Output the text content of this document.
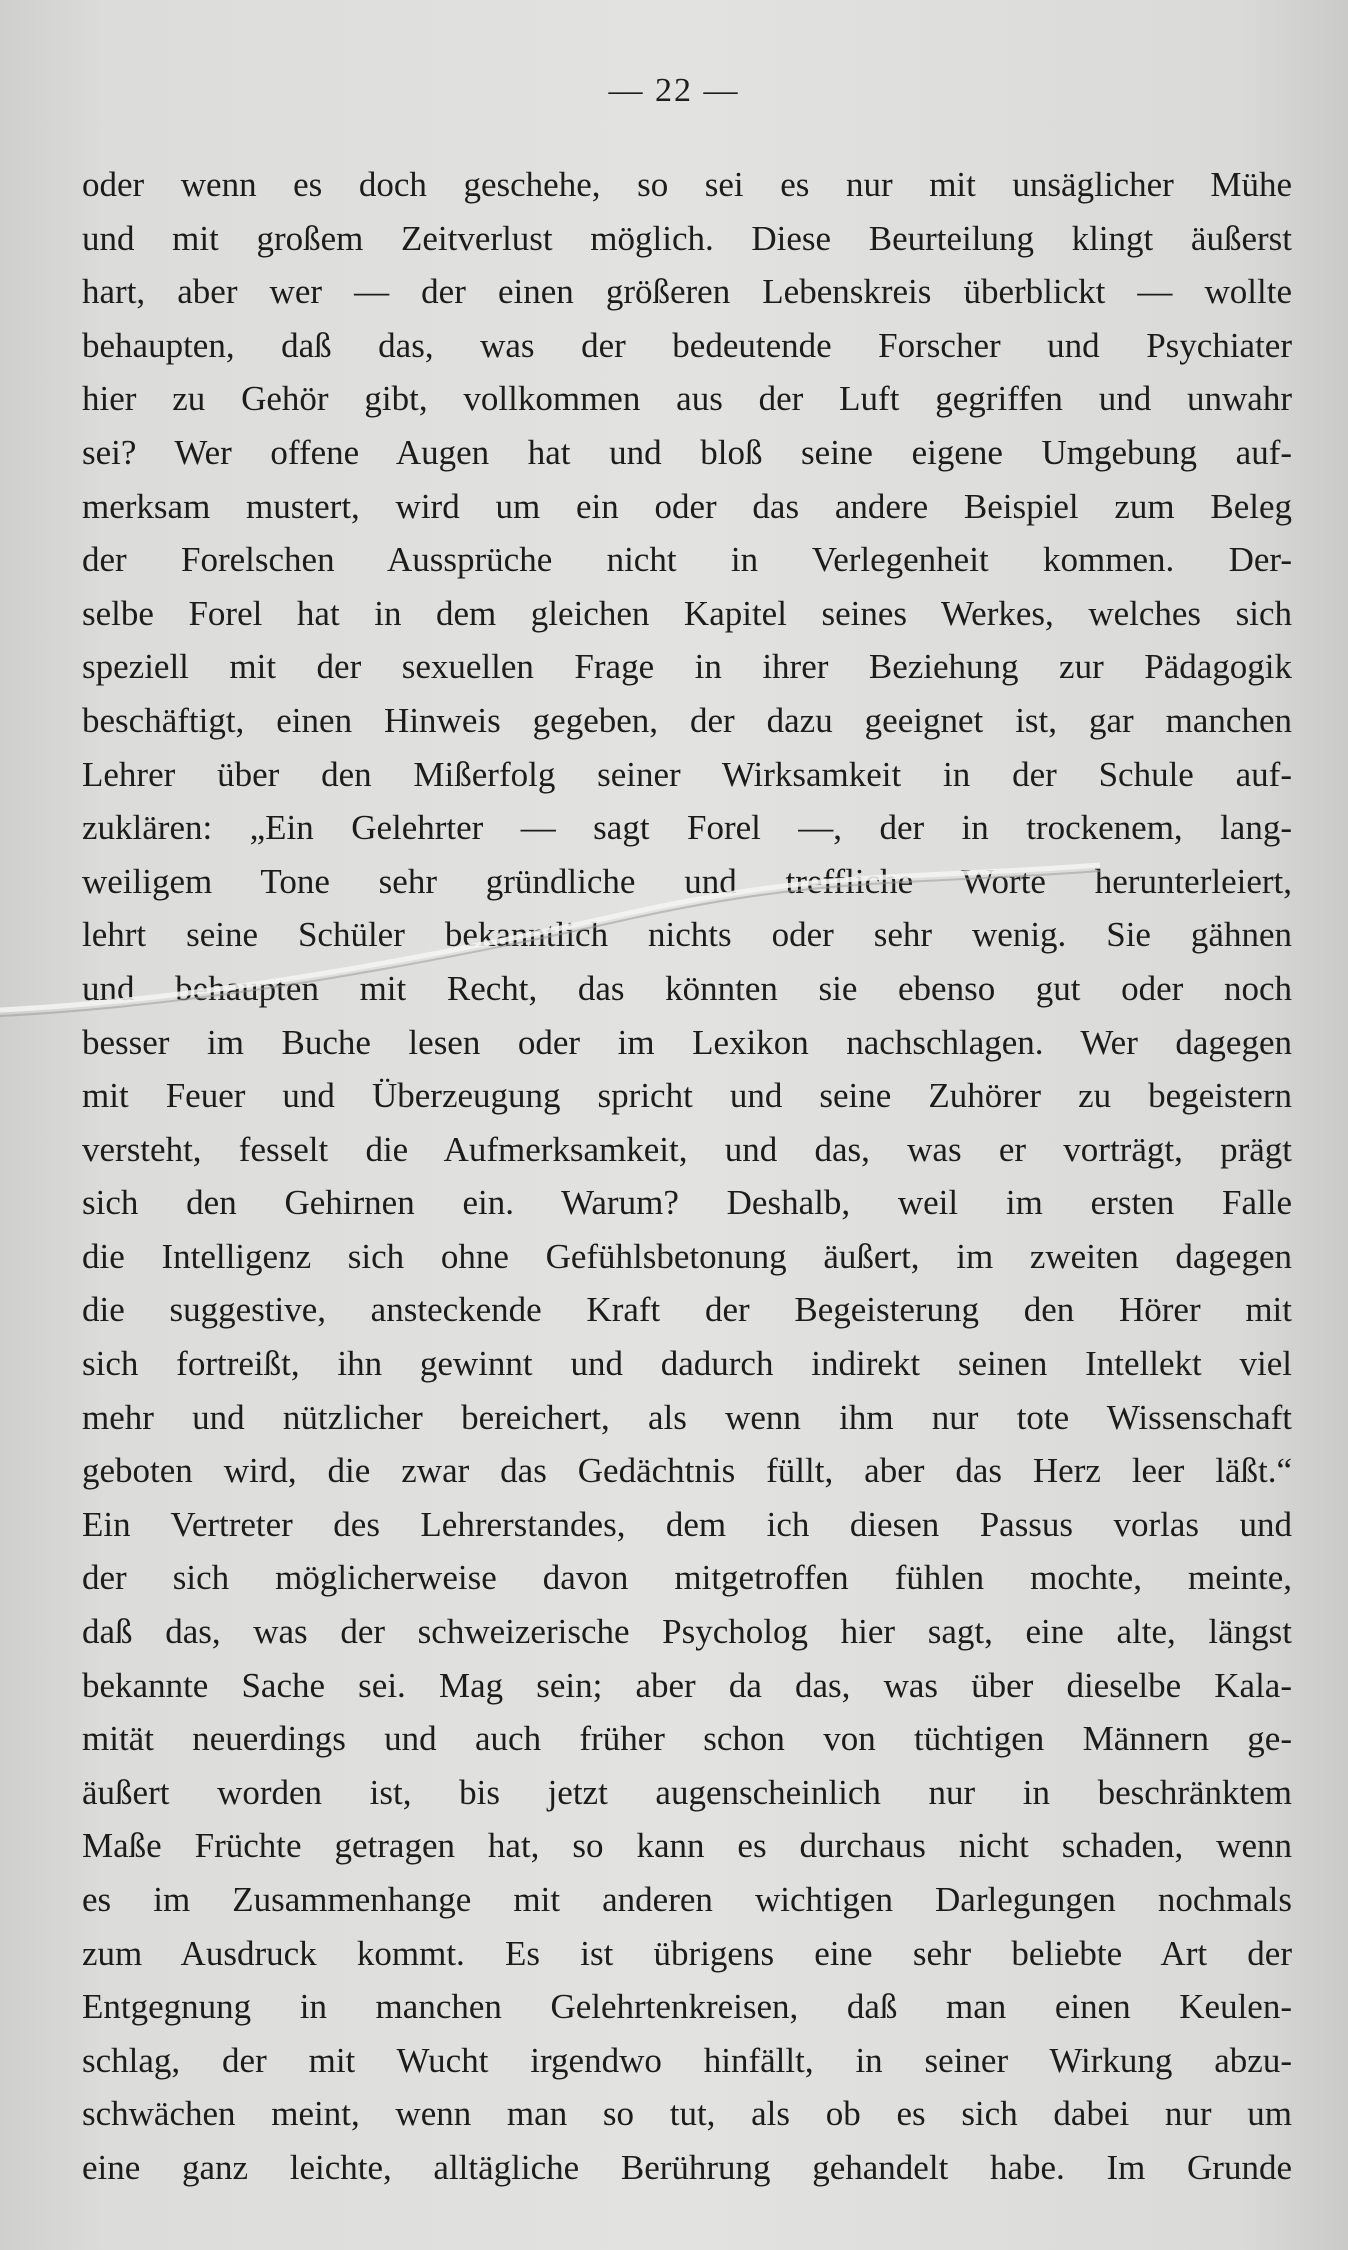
— 22 —
oder wenn es doch geschehe, so sei es nur mit unsäglicher Mühe
und mit großem Zeitverlust möglich. Diese Beurteilung klingt äußerst
hart, aber wer — der einen größeren Lebenskreis überblickt — wollte
behaupten, daß das, was der bedeutende Forscher und Psychiater
hier zu Gehör gibt, vollkommen aus der Luft gegriffen und unwahr
sei? Wer offene Augen hat und bloß seine eigene Umgebung auf-
merksam mustert, wird um ein oder das andere Beispiel zum Beleg
der Forelschen Aussprüche nicht in Verlegenheit kommen. Der-
selbe Forel hat in dem gleichen Kapitel seines Werkes, welches sich
speziell mit der sexuellen Frage in ihrer Beziehung zur Pädagogik
beschäftigt, einen Hinweis gegeben, der dazu geeignet ist, gar manchen
Lehrer über den Mißerfolg seiner Wirksamkeit in der Schule auf-
zuklären: „Ein Gelehrter — sagt Forel —, der in trockenem, lang-
weiligem Tone sehr gründliche und treffliche Worte herunterleiert,
lehrt seine Schüler bekanntlich nichts oder sehr wenig. Sie gähnen
und behaupten mit Recht, das könnten sie ebenso gut oder noch
besser im Buche lesen oder im Lexikon nachschlagen. Wer dagegen
mit Feuer und Überzeugung spricht und seine Zuhörer zu begeistern
versteht, fesselt die Aufmerksamkeit, und das, was er vorträgt, prägt
sich den Gehirnen ein. Warum? Deshalb, weil im ersten Falle
die Intelligenz sich ohne Gefühlsbetonung äußert, im zweiten dagegen
die suggestive, ansteckende Kraft der Begeisterung den Hörer mit
sich fortreißt, ihn gewinnt und dadurch indirekt seinen Intellekt viel
mehr und nützlicher bereichert, als wenn ihm nur tote Wissenschaft
geboten wird, die zwar das Gedächtnis füllt, aber das Herz leer läßt.“
Ein Vertreter des Lehrerstandes, dem ich diesen Passus vorlas und
der sich möglicherweise davon mitgetroffen fühlen mochte, meinte,
daß das, was der schweizerische Psycholog hier sagt, eine alte, längst
bekannte Sache sei. Mag sein; aber da das, was über dieselbe Kala-
mität neuerdings und auch früher schon von tüchtigen Männern ge-
äußert worden ist, bis jetzt augenscheinlich nur in beschränktem
Maße Früchte getragen hat, so kann es durchaus nicht schaden, wenn
es im Zusammenhange mit anderen wichtigen Darlegungen nochmals
zum Ausdruck kommt. Es ist übrigens eine sehr beliebte Art der
Entgegnung in manchen Gelehrtenkreisen, daß man einen Keulen-
schlag, der mit Wucht irgendwo hinfällt, in seiner Wirkung abzu-
schwächen meint, wenn man so tut, als ob es sich dabei nur um
eine ganz leichte, alltägliche Berührung gehandelt habe. Im Grunde
